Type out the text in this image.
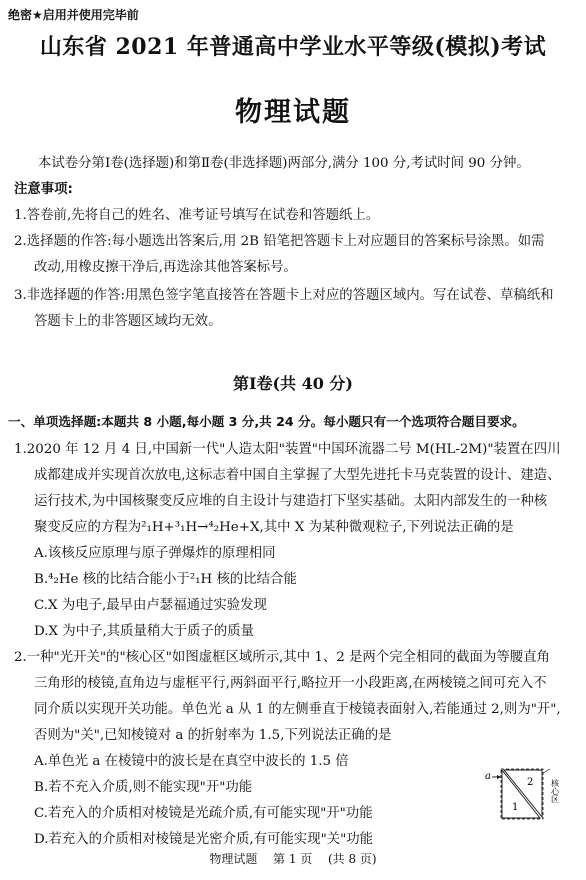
绝密★启用并使用完毕前
山东省 2021 年普通高中学业水平等级(模拟)考试
物理试题
本试卷分第Ⅰ卷(选择题)和第Ⅱ卷(非选择题)两部分,满分 100 分,考试时间 90 分钟。
注意事项:
1.答卷前,先将自己的姓名、准考证号填写在试卷和答题纸上。
2.选择题的作答:每小题选出答案后,用 2B 铅笔把答题卡上对应题目的答案标号涂黑。如需
改动,用橡皮擦干净后,再选涂其他答案标号。
3.非选择题的作答:用黑色签字笔直接答在答题卡上对应的答题区域内。写在试卷、草稿纸和
答题卡上的非答题区域均无效。
第Ⅰ卷(共 40 分)
一、单项选择题:本题共 8 小题,每小题 3 分,共 24 分。每小题只有一个选项符合题目要求。
1.2020 年 12 月 4 日,中国新一代"人造太阳"装置"中国环流器二号 M(HL-2M)"装置在四川
成都建成并实现首次放电,这标志着中国自主掌握了大型先进托卡马克装置的设计、建造、
运行技术,为中国核聚变反应堆的自主设计与建造打下坚实基础。太阳内部发生的一种核
聚变反应的方程为²₁H+³₁H→⁴₂He+X,其中 X 为某种微观粒子,下列说法正确的是
A.该核反应原理与原子弹爆炸的原理相同
B.⁴₂He 核的比结合能小于²₁H 核的比结合能
C.X 为电子,最早由卢瑟福通过实验发现
D.X 为中子,其质量稍大于质子的质量
2.一种"光开关"的"核心区"如图虚框区域所示,其中 1、2 是两个完全相同的截面为等腰直角
三角形的棱镜,直角边与虚框平行,两斜面平行,略拉开一小段距离,在两棱镜之间可充入不
同介质以实现开关功能。单色光 a 从 1 的左侧垂直于棱镜表面射入,若能通过 2,则为"开",
否则为"关",已知棱镜对 a 的折射率为 1.5,下列说法正确的是
A.单色光 a 在棱镜中的波长是在真空中波长的 1.5 倍
B.若不充入介质,则不能实现"开"功能
C.若充入的介质相对棱镜是光疏介质,有可能实现"开"功能
D.若充入的介质相对棱镜是光密介质,有可能实现"关"功能
a
1
2 核心区
物理试题 第 1 页 (共 8 页)
